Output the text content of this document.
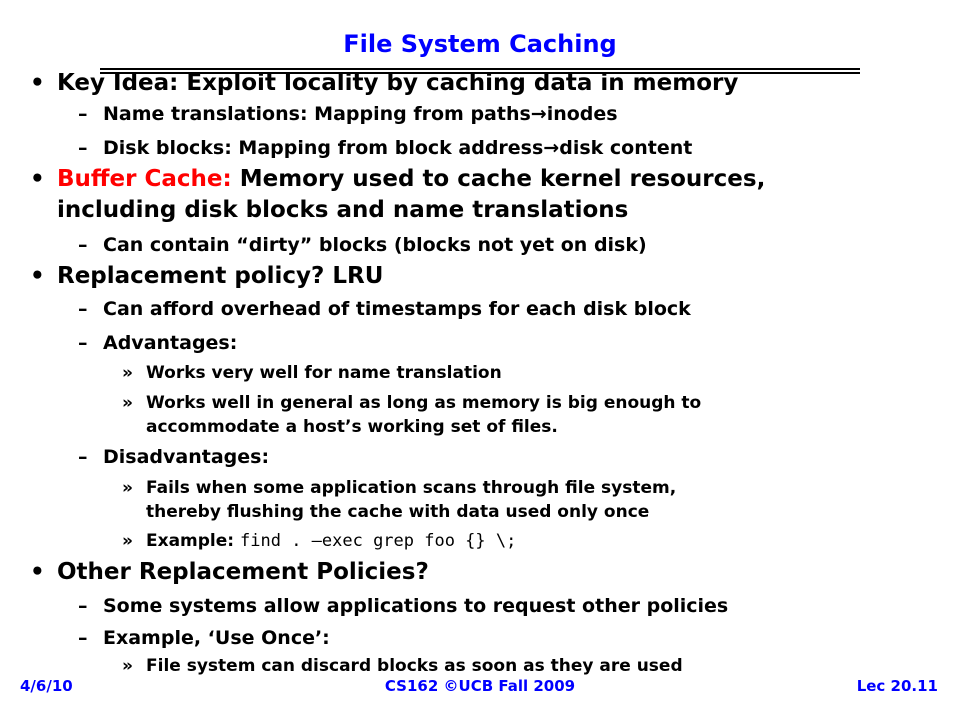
File System Caching
• Key Idea: Exploit locality by caching data in memory
– Name translations: Mapping from paths→inodes
– Disk blocks: Mapping from block address→disk content
• Buffer Cache: Memory used to cache kernel resources,
including disk blocks and name translations
– Can contain “dirty” blocks (blocks not yet on disk)
• Replacement policy? LRU
– Can afford overhead of timestamps for each disk block
– Advantages:
» Works very well for name translation
» Works well in general as long as memory is big enough to
accommodate a host’s working set of files.
– Disadvantages:
» Fails when some application scans through file system,
thereby flushing the cache with data used only once
» Example: find . –exec grep foo {} \;
• Other Replacement Policies?
– Some systems allow applications to request other policies
– Example, ‘Use Once’:
» File system can discard blocks as soon as they are used
4/6/10	CS162 ©UCB Fall 2009	Lec 20.11
